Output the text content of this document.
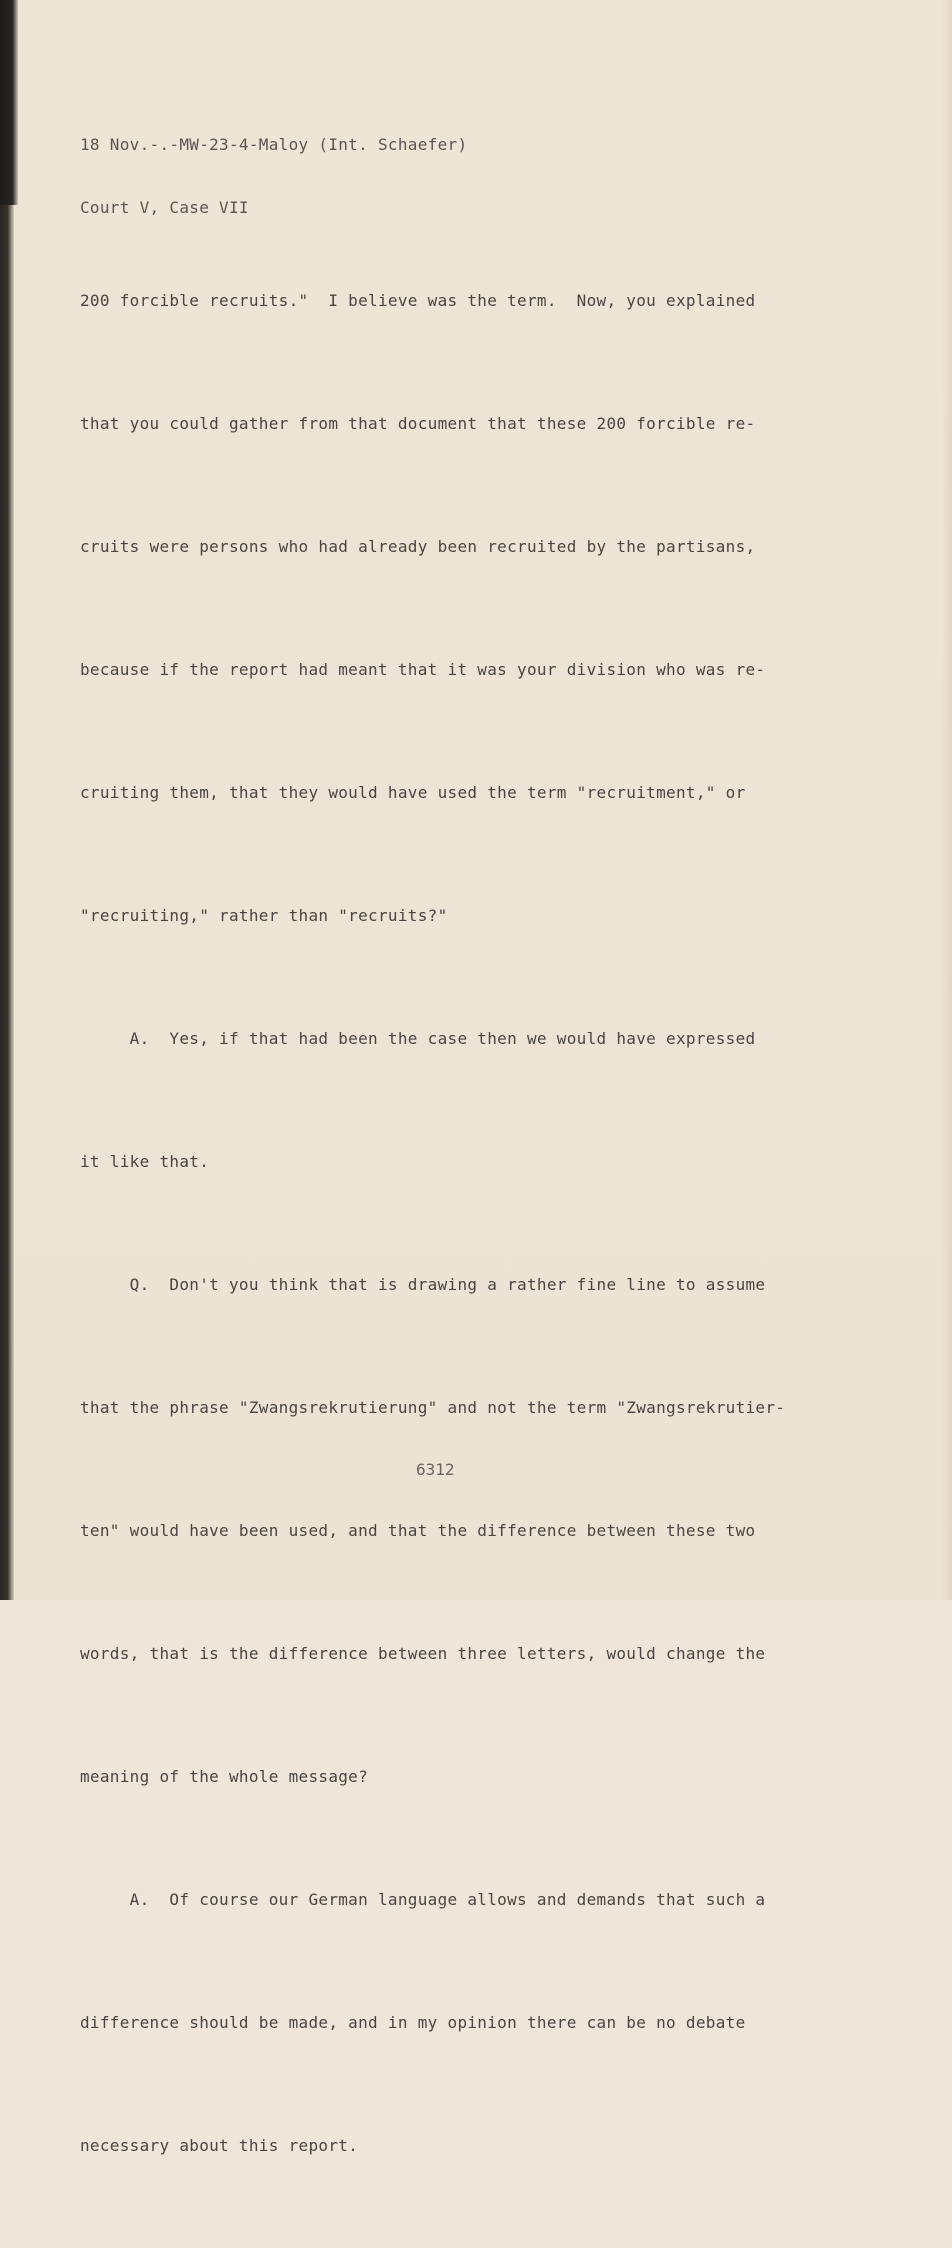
18 Nov.-.-MW-23-4-Maloy (Int. Schaefer)

Court V, Case VII

200 forcible recruits."  I believe was the term.  Now, you explained

that you could gather from that document that these 200 forcible re-

cruits were persons who had already been recruited by the partisans,

because if the report had meant that it was your division who was re-

cruiting them, that they would have used the term "recruitment," or

"recruiting," rather than "recruits?"

A.  Yes, if that had been the case then we would have expressed

it like that.

Q.  Don't you think that is drawing a rather fine line to assume

that the phrase "Zwangsrekrutierung" and not the term "Zwangsrekrutier-

ten" would have been used, and that the difference between these two

words, that is the difference between three letters, would change the

meaning of the whole message?

A.  Of course our German language allows and demands that such a

difference should be made, and in my opinion there can be no debate

necessary about this report.

6312
